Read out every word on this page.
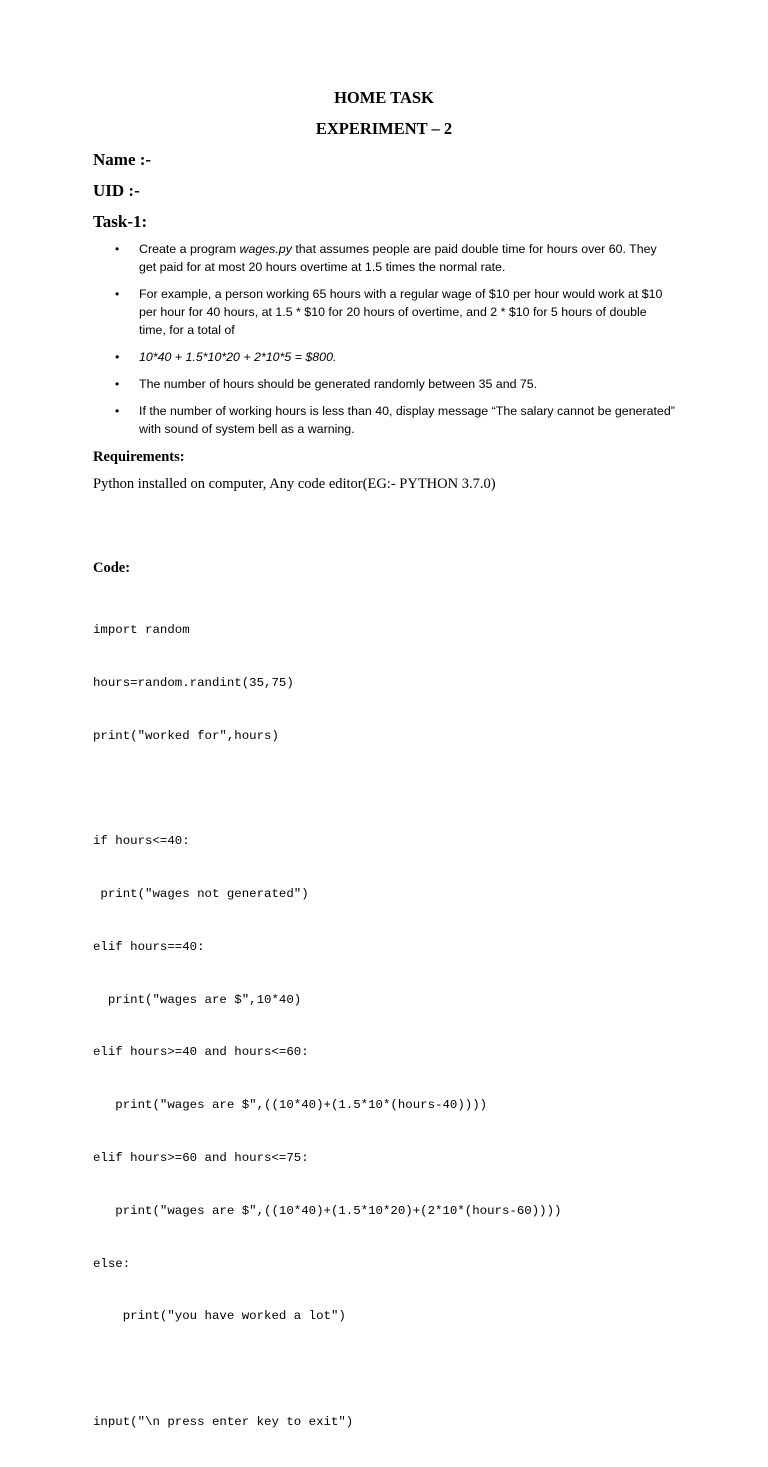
HOME TASK
EXPERIMENT – 2
Name :-
UID :-
Task-1:
• Create a program wages.py that assumes people are paid double time for hours over 60. They get paid for at most 20 hours overtime at 1.5 times the normal rate.
• For example, a person working 65 hours with a regular wage of $10 per hour would work at $10 per hour for 40 hours, at 1.5 * $10 for 20 hours of overtime, and 2 * $10 for 5 hours of double time, for a total of
• 10*40 + 1.5*10*20 + 2*10*5 = $800.
• The number of hours should be generated randomly between 35 and 75.
• If the number of working hours is less than 40, display message “The salary cannot be generated” with sound of system bell as a warning.
Requirements:
Python installed on computer, Any code editor(EG:- PYTHON 3.7.0)
Code:

import random

hours=random.randint(35,75)

print("worked for",hours)

if hours<=40:

print("wages not generated")

elif hours==40:

print("wages are $",10*40)

elif hours>=40 and hours<=60:

print("wages are $",((10*40)+(1.5*10*(hours-40))))

elif hours>=60 and hours<=75:

print("wages are $",((10*40)+(1.5*10*20)+(2*10*(hours-60))))

else:

print("you have worked a lot")

input("\n press enter key to exit")
